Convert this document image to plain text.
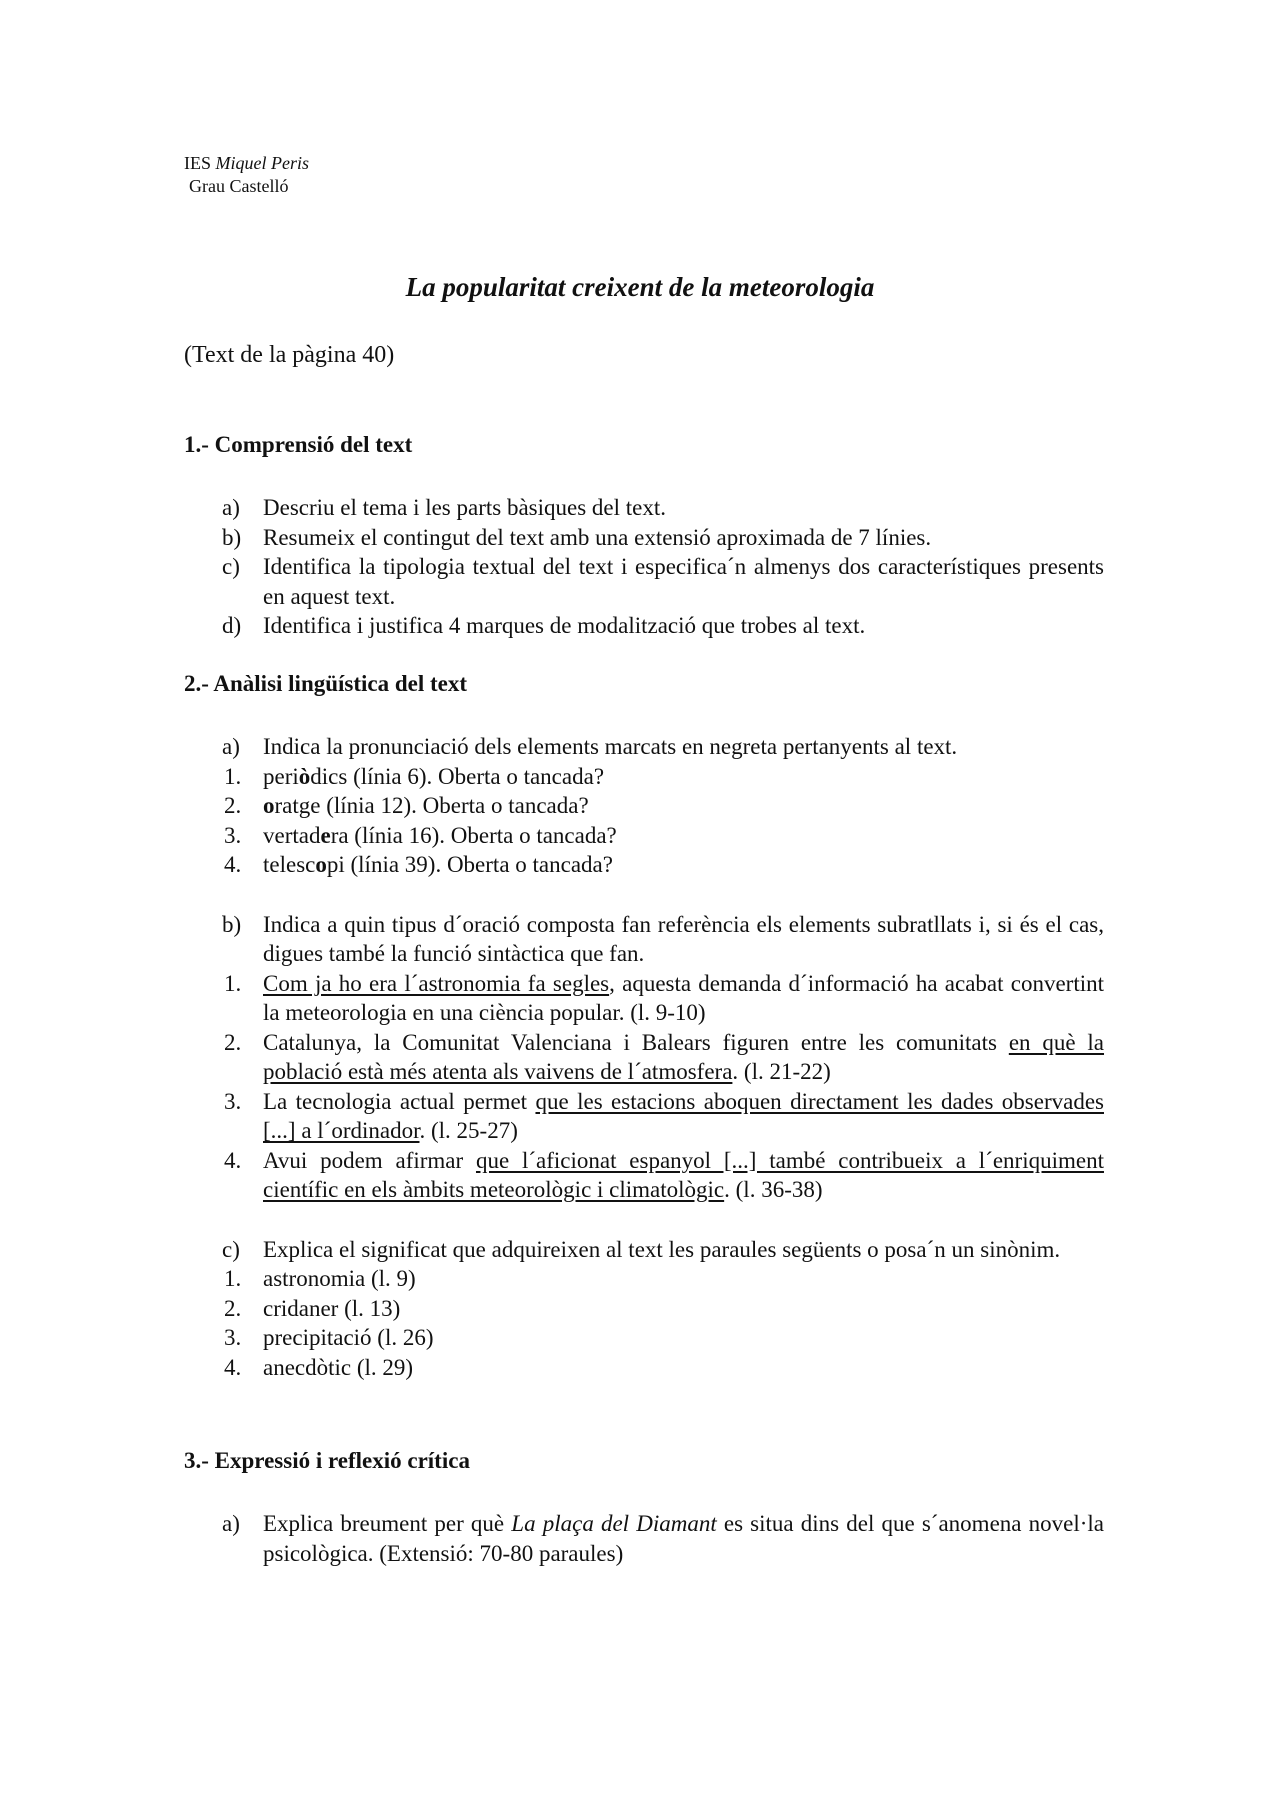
IES Miquel Peris
Grau Castelló
La popularitat creixent de la meteorologia
(Text de la pàgina 40)
1.- Comprensió del text
a) Descriu el tema i les parts bàsiques del text.
b) Resumeix el contingut del text amb una extensió aproximada de 7 línies.
c) Identifica la tipologia textual del text i especifica´n almenys dos característiques presents en aquest text.
d) Identifica i justifica 4 marques de modalització que trobes al text.
2.- Anàlisi lingüística del text
a) Indica la pronunciació dels elements marcats en negreta pertanyents al text.
1. periòdics (línia 6). Oberta o tancada?
2. oratge (línia 12). Oberta o tancada?
3. vertadera (línia 16). Oberta o tancada?
4. telescopi (línia 39). Oberta o tancada?
b) Indica a quin tipus d´oració composta fan referència els elements subratllats i, si és el cas, digues també la funció sintàctica que fan.
1. Com ja ho era l´astronomia fa segles, aquesta demanda d´informació ha acabat convertint la meteorologia en una ciència popular. (l. 9-10)
2. Catalunya, la Comunitat Valenciana i Balears figuren entre les comunitats en què la població està més atenta als vaivens de l´atmosfera. (l. 21-22)
3. La tecnologia actual permet que les estacions aboquen directament les dades observades [...] a l´ordinador. (l. 25-27)
4. Avui podem afirmar que l´aficionat espanyol [...] també contribueix a l´enriquiment científic en els àmbits meteorològic i climatològic. (l. 36-38)
c) Explica el significat que adquireixen al text les paraules següents o posa´n un sinònim.
1. astronomia (l. 9)
2. cridaner (l. 13)
3. precipitació (l. 26)
4. anecdòtic (l. 29)
3.- Expressió i reflexió crítica
a) Explica breument per què La plaça del Diamant es situa dins del que s´anomena novel·la psicològica. (Extensió: 70-80 paraules)
